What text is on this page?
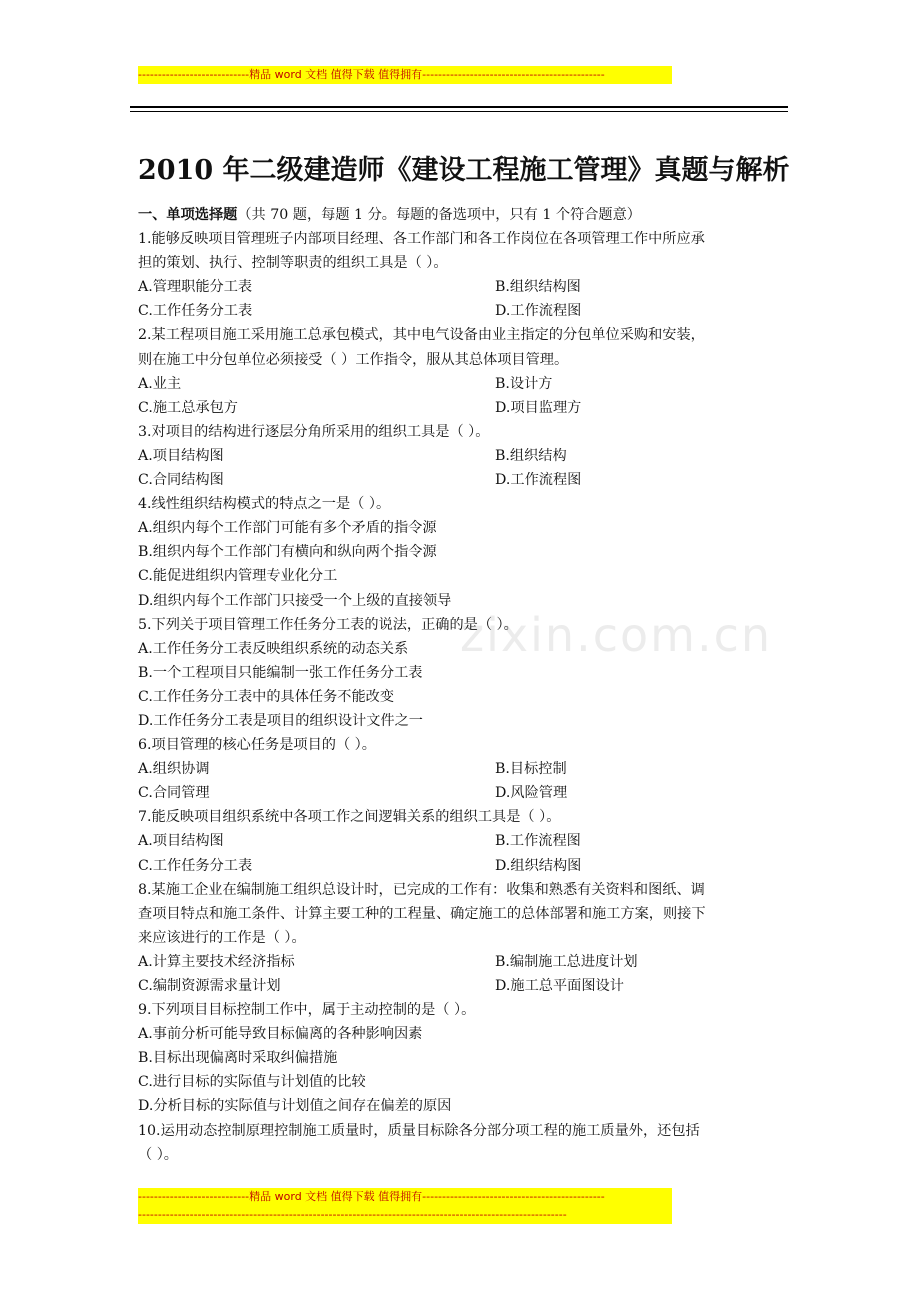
----------------------------精品 word 文档 值得下载 值得拥有----------------------------------------------
2010 年二级建造师《建设工程施工管理》真题与解析
zixin.com.cn
一、单项选择题（共 70 题，每题 1 分。每题的备选项中，只有 1 个符合题意）
1.能够反映项目管理班子内部项目经理、各工作部门和各工作岗位在各项管理工作中所应承
担的策划、执行、控制等职责的组织工具是（ ）。
A.管理职能分工表	B.组织结构图
C.工作任务分工表	D.工作流程图
2.某工程项目施工采用施工总承包模式，其中电气设备由业主指定的分包单位采购和安装，
则在施工中分包单位必须接受（ ）工作指令，服从其总体项目管理。
A.业主	B.设计方
C.施工总承包方	D.项目监理方
3.对项目的结构进行逐层分角所采用的组织工具是（ ）。
A.项目结构图	B.组织结构
C.合同结构图	D.工作流程图
4.线性组织结构模式的特点之一是（ ）。
A.组织内每个工作部门可能有多个矛盾的指令源
B.组织内每个工作部门有横向和纵向两个指令源
C.能促进组织内管理专业化分工
D.组织内每个工作部门只接受一个上级的直接领导
5.下列关于项目管理工作任务分工表的说法，正确的是（ ）。
A.工作任务分工表反映组织系统的动态关系
B.一个工程项目只能编制一张工作任务分工表
C.工作任务分工表中的具体任务不能改变
D.工作任务分工表是项目的组织设计文件之一
6.项目管理的核心任务是项目的（ ）。
A.组织协调	B.目标控制
C.合同管理	D.风险管理
7.能反映项目组织系统中各项工作之间逻辑关系的组织工具是（ ）。
A.项目结构图	B.工作流程图
C.工作任务分工表	D.组织结构图
8.某施工企业在编制施工组织总设计时，已完成的工作有：收集和熟悉有关资料和图纸、调
查项目特点和施工条件、计算主要工种的工程量、确定施工的总体部署和施工方案，则接下
来应该进行的工作是（ ）。
A.计算主要技术经济指标	B.编制施工总进度计划
C.编制资源需求量计划	D.施工总平面图设计
9.下列项目目标控制工作中，属于主动控制的是（ ）。
A.事前分析可能导致目标偏离的各种影响因素
B.目标出现偏离时采取纠偏措施
C.进行目标的实际值与计划值的比较
D.分析目标的实际值与计划值之间存在偏差的原因
10.运用动态控制原理控制施工质量时，质量目标除各分部分项工程的施工质量外，还包括
（ ）。
----------------------------精品 word 文档 值得下载 值得拥有----------------------------------------------
------------------------------------------------------------------------------------------------------------
